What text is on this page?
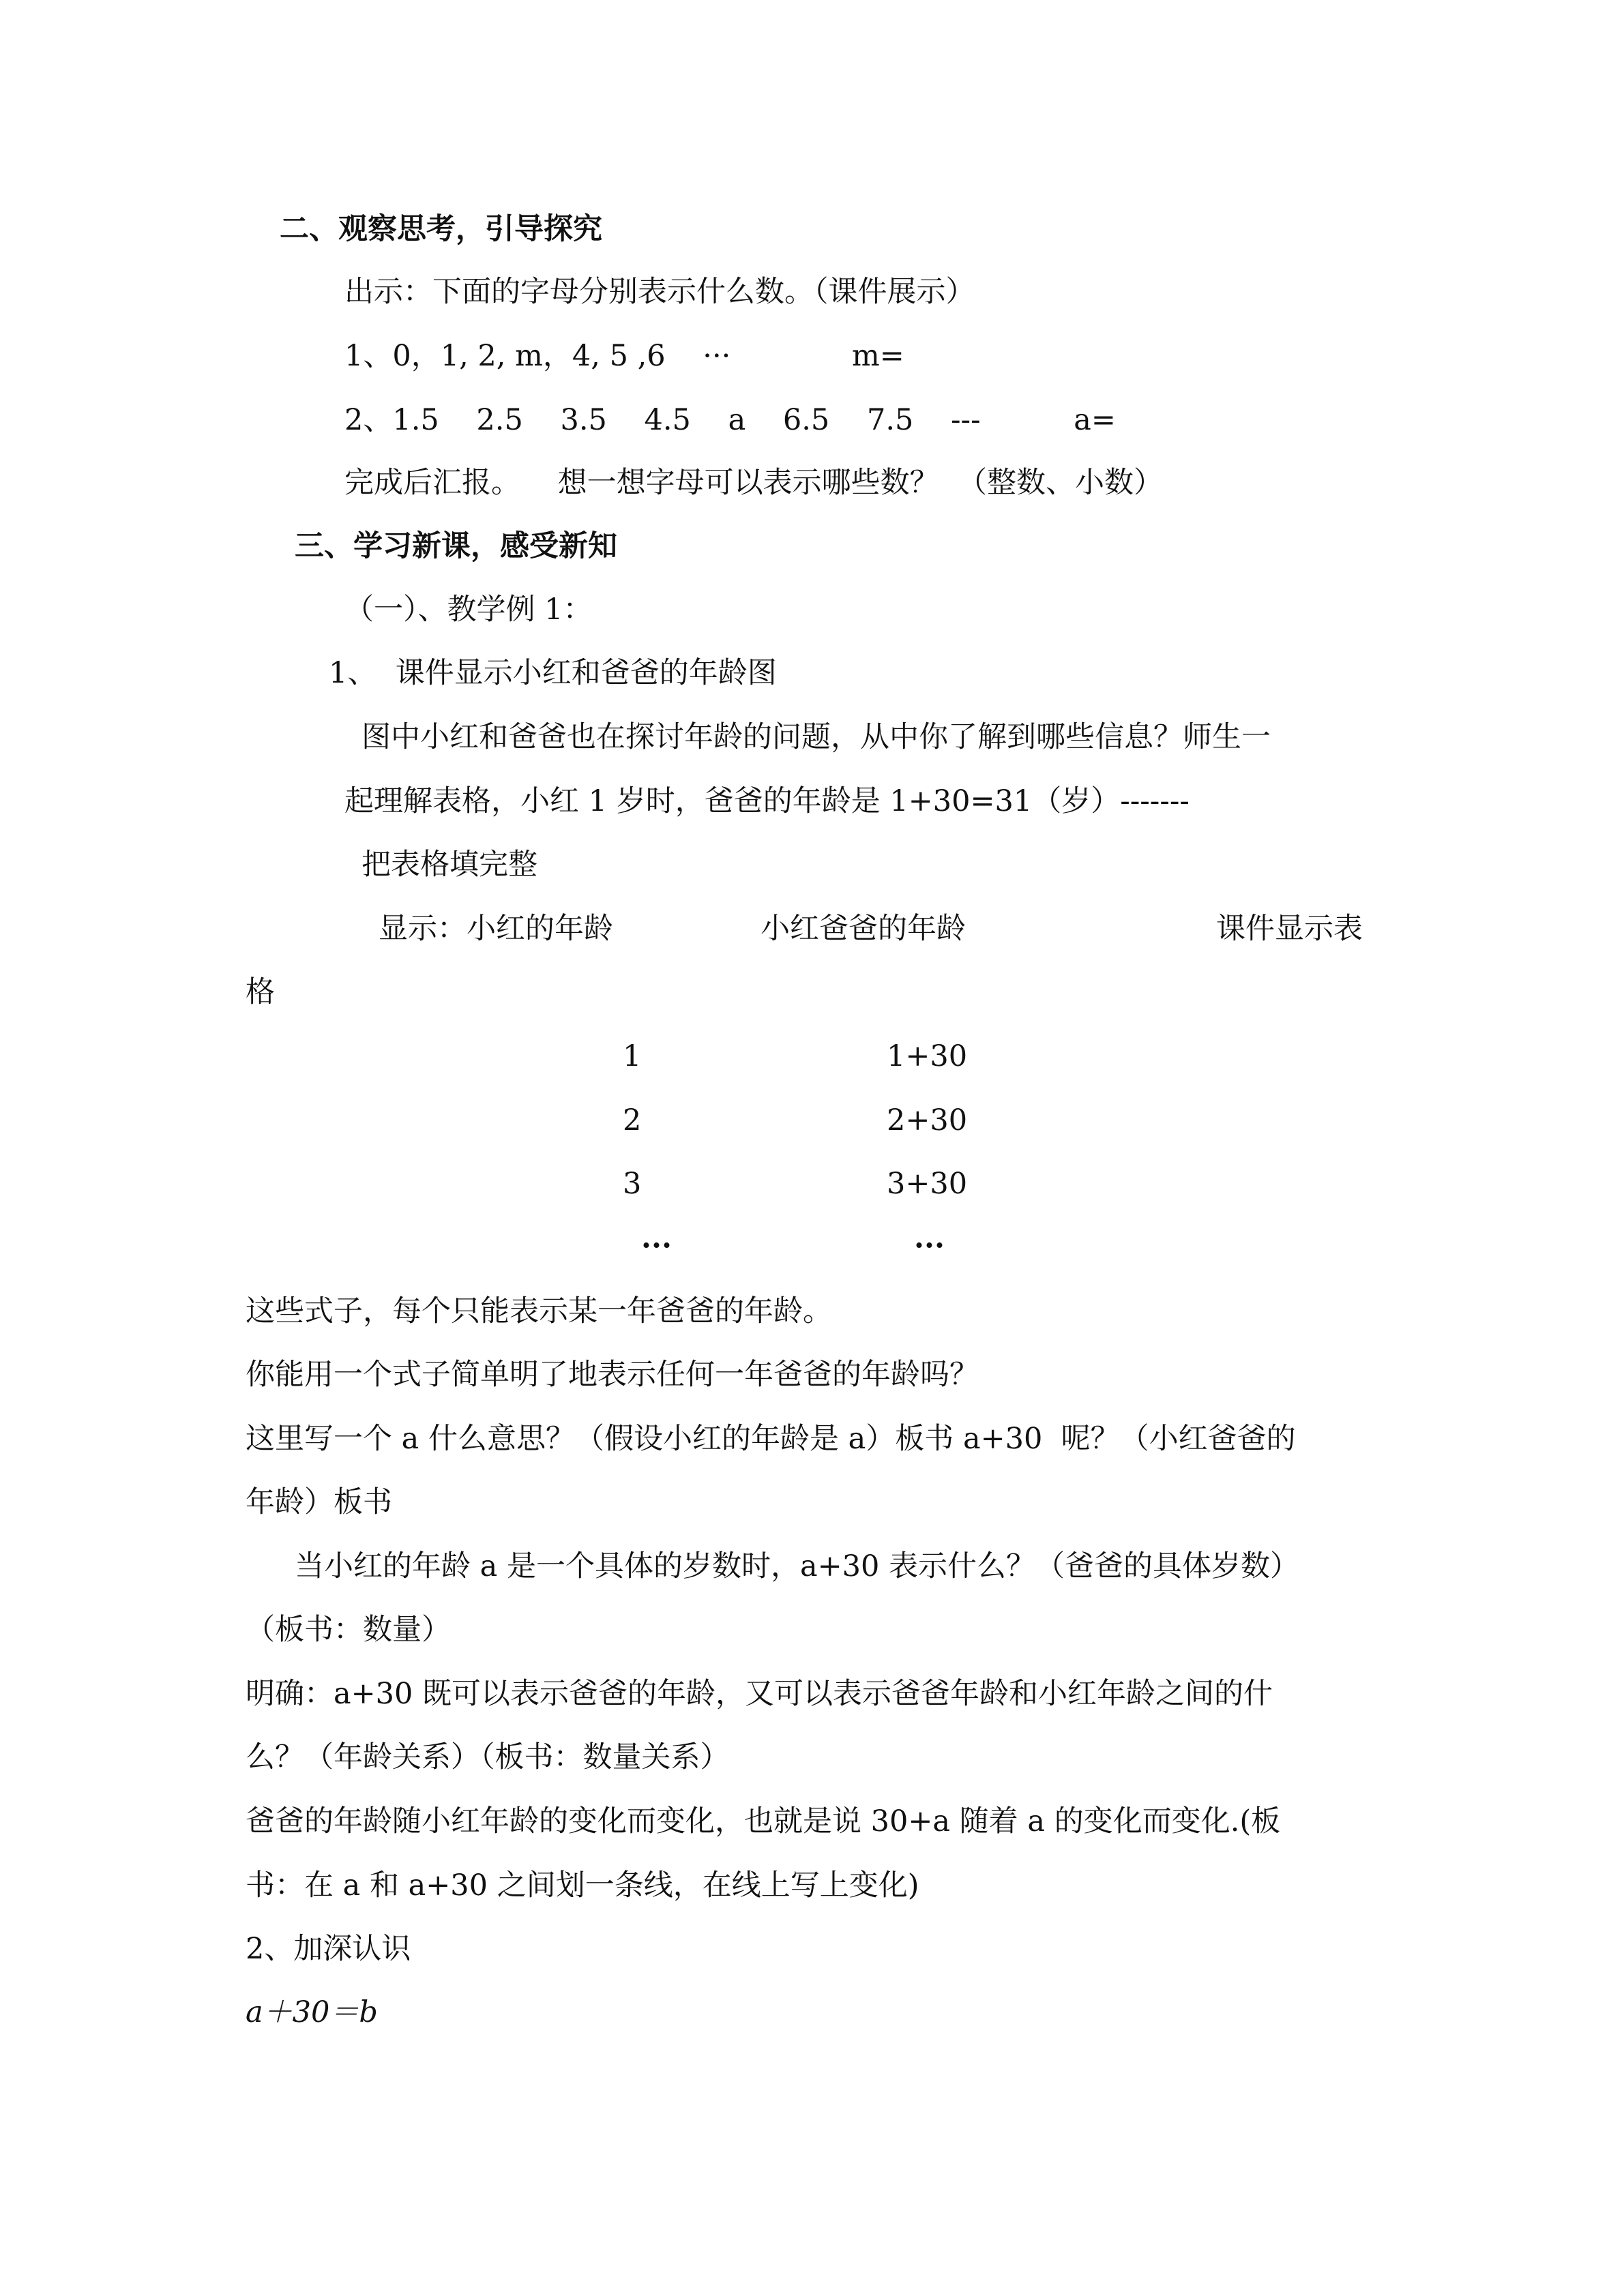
二、观察思考，引导探究

出示：下面的字母分别表示什么数。（课件展示）

1、0，1, 2, m，4, 5 ,6    ···             m=

2、1.5    2.5    3.5    4.5    a    6.5    7.5    ---          a=

完成后汇报。    想一想字母可以表示哪些数？  （整数、小数）

三、学习新课，感受新知

（一）、教学例 1：

1、  课件显示小红和爸爸的年龄图

图中小红和爸爸也在探讨年龄的问题，从中你了解到哪些信息？师生一

起理解表格，小红 1 岁时，爸爸的年龄是 1+30=31（岁）-------

把表格填完整

显示：小红的年龄	小红爸爸的年龄	课件显示表

格

1	1+30
2	2+30
3	3+30
···	···

这些式子，每个只能表示某一年爸爸的年龄。

你能用一个式子简单明了地表示任何一年爸爸的年龄吗？

这里写一个 a 什么意思？（假设小红的年龄是 a）板书 a+30  呢？（小红爸爸的

年龄）板书

当小红的年龄 a 是一个具体的岁数时，a+30 表示什么？（爸爸的具体岁数）

（板书：数量）

明确：a+30 既可以表示爸爸的年龄，又可以表示爸爸年龄和小红年龄之间的什

么？（年龄关系）（板书：数量关系）

爸爸的年龄随小红年龄的变化而变化，也就是说 30+a 随着 a 的变化而变化.(板

书：在 a 和 a+30 之间划一条线，在线上写上变化)

2、加深认识

a＋30＝b
